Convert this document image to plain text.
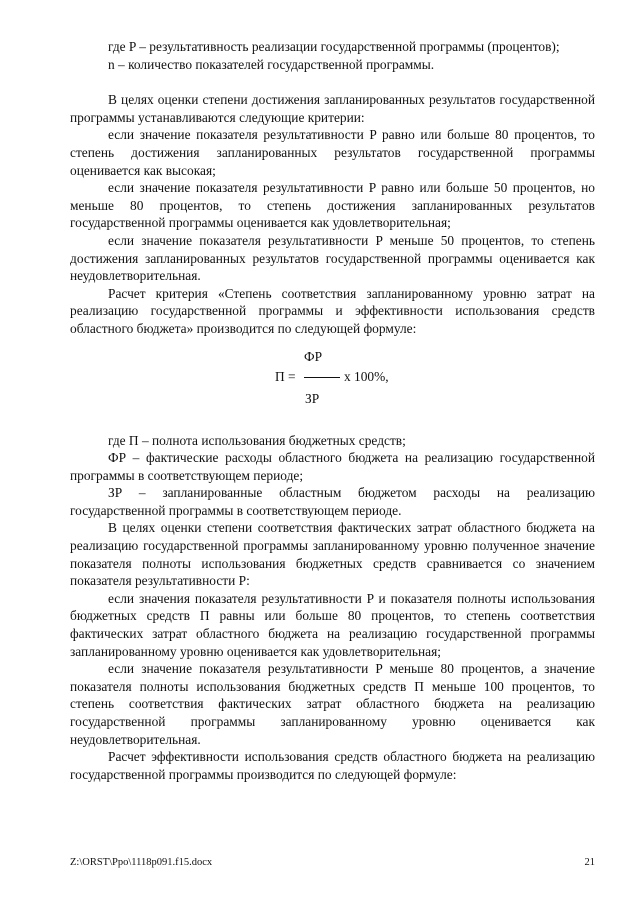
где P – результативность реализации государственной программы (процентов);

n – количество показателей государственной программы.

В целях оценки степени достижения запланированных результатов государственной программы устанавливаются следующие критерии:

если значение показателя результативности P равно или больше 80 процентов, то степень достижения запланированных результатов государственной программы оценивается как высокая;

если значение показателя результативности P равно или больше 50 процентов, но меньше 80 процентов, то степень достижения запланированных результатов государственной программы оценивается как удовлетворительная;

если значение показателя результативности P меньше 50 процентов, то степень достижения запланированных результатов государственной программы оценивается как неудовлетворительная.

Расчет критерия «Степень соответствия запланированному уровню затрат на реализацию государственной программы и эффективности использования средств областного бюджета» производится по следующей формуле:

ФР
П =	х 100%,
ЗР

где П – полнота использования бюджетных средств;

ФР – фактические расходы областного бюджета на реализацию государственной программы в соответствующем периоде;

ЗР – запланированные областным бюджетом расходы на реализацию государственной программы в соответствующем периоде.

В целях оценки степени соответствия фактических затрат областного бюджета на реализацию государственной программы запланированному уровню полученное значение показателя полноты использования бюджетных средств сравнивается со значением показателя результативности P:

если значения показателя результативности P и показателя полноты использования бюджетных средств П равны или больше 80 процентов, то степень соответствия фактических затрат областного бюджета на реализацию государственной программы запланированному уровню оценивается как удовлетворительная;

если значение показателя результативности P меньше 80 процентов, а значение показателя полноты использования бюджетных средств П меньше 100 процентов, то степень соответствия фактических затрат областного бюджета на реализацию государственной программы запланированному уровню оценивается как неудовлетворительная.

Расчет эффективности использования средств областного бюджета на реализацию государственной программы производится по следующей формуле:

Z:\ORST\Ppo\1118p091.f15.docx	21
